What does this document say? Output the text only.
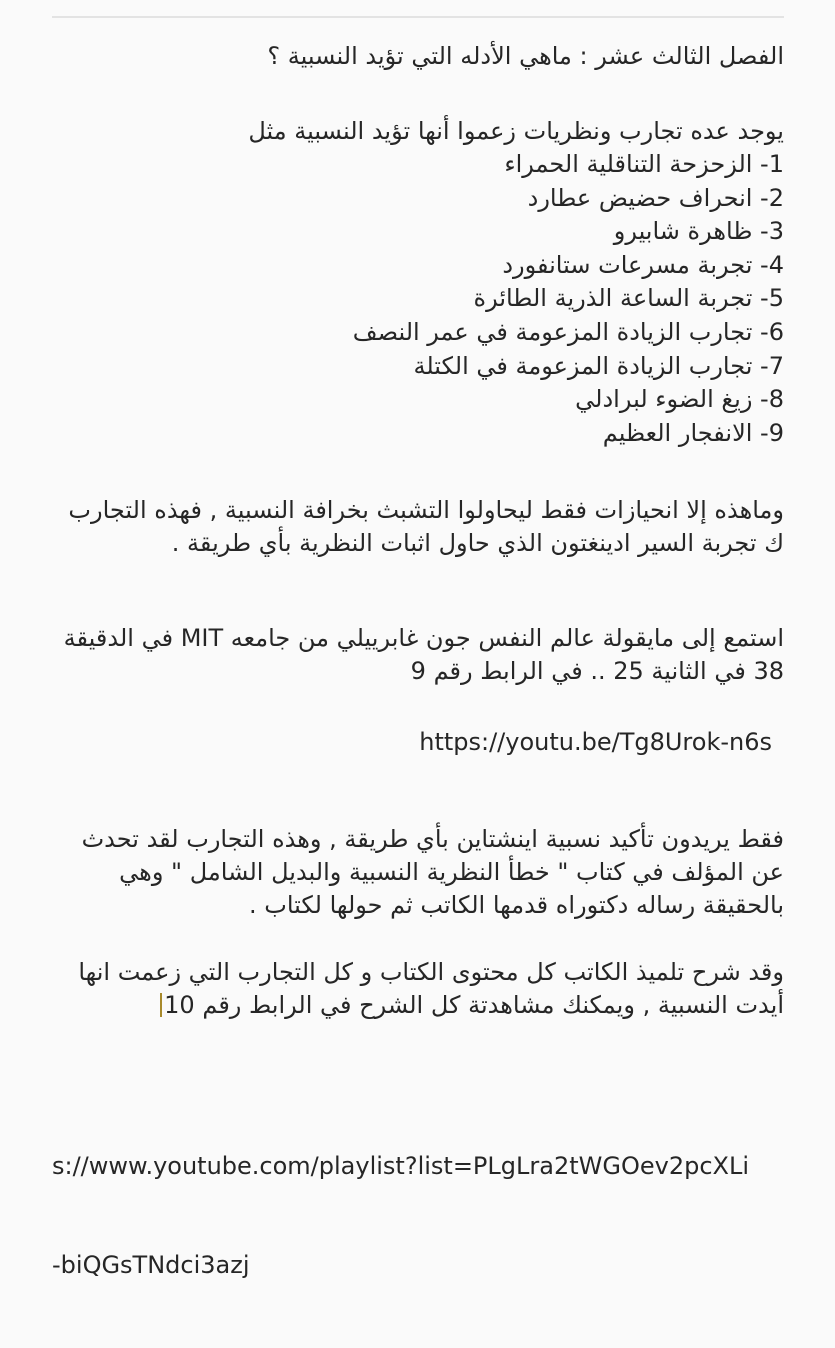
الفصل الثالث عشر : ماهي الأدله التي تؤيد النسبية ؟

يوجد عده تجارب ونظريات زعموا أنها تؤيد النسبية مثل

1- الزحزحة التناقلية الحمراء
2- انحراف حضيض عطارد
3- ظاهرة شابيرو
4- تجربة مسرعات ستانفورد
5- تجربة الساعة الذرية الطائرة
6- تجارب الزيادة المزعومة في عمر النصف
7- تجارب الزيادة المزعومة في الكتلة
8- زيغ الضوء لبرادلي
9- الانفجار العظيم

وماهذه إلا انحيازات فقط ليحاولوا التشبث بخرافة النسبية , فهذه التجارب

ك تجربة السير ادينغتون الذي حاول اثبات النظرية بأي طريقة .

استمع إلى مايقولة عالم النفس جون غابرييلي من جامعه MIT في الدقيقة

38 في الثانية 25 .. في الرابط رقم 9

https://youtu.be/Tg8Urok-n6s

فقط يريدون تأكيد نسبية اينشتاين بأي طريقة , وهذه التجارب لقد تحدث

عن المؤلف في كتاب " خطأ النظرية النسبية والبديل الشامل " وهي

بالحقيقة رساله دكتوراه قدمها الكاتب ثم حولها لكتاب .

وقد شرح تلميذ الكاتب كل محتوى الكتاب و كل التجارب التي زعمت انها

أيدت النسبية , ويمكنك مشاهدتة كل الشرح في الرابط رقم 10

s://www.youtube.com/playlist?list=PLgLra2tWGOev2pcXLi

-biQGsTNdci3azj
